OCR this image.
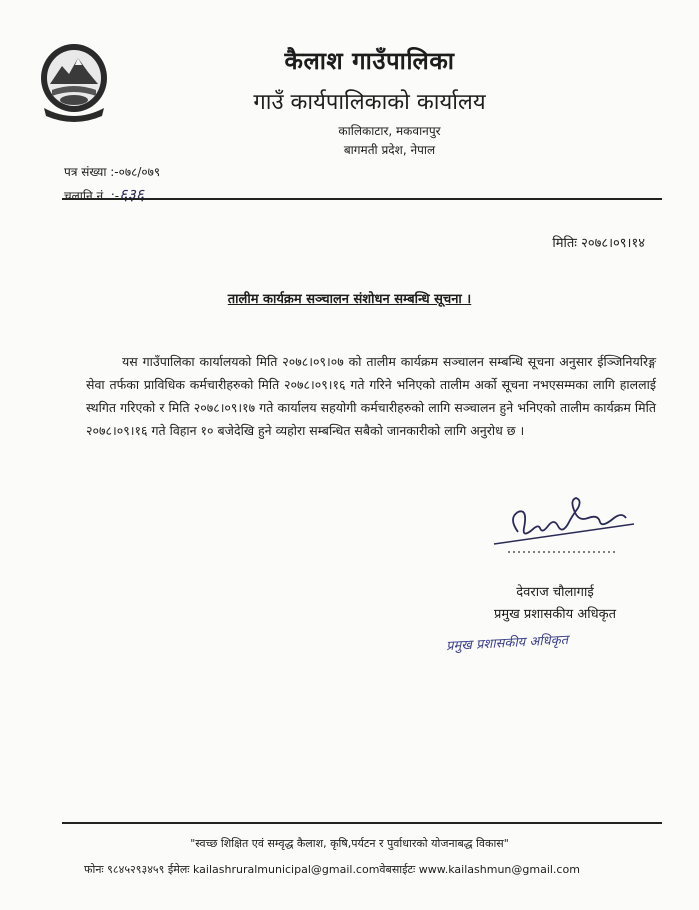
कैलाश गाउँपालिका
गाउँ कार्यपालिकाको कार्यालय
कालिकाटार, मकवानपुर
बागमती प्रदेश, नेपाल
पत्र संख्या :-०७८/०७९
चलानि नं. :-६३६
मितिः २०७८।०९।१४
तालीम कार्यक्रम सञ्चालन संशोधन सम्बन्धि सूचना ।
यस गाउँपालिका कार्यालयको मिति २०७८।०९।०७ को तालीम कार्यक्रम सञ्चालन सम्बन्धि सूचना अनुसार ईञ्जिनियरिङ्ग सेवा तर्फका प्राविधिक कर्मचारीहरुको मिति २०७८।०९।१६ गते गरिने भनिएको तालीम अर्को सूचना नभएसम्मका लागि हाललाई स्थगित गरिएको र मिति २०७८।०९।१७ गते कार्यालय सहयोगी कर्मचारीहरुको लागि सञ्चालन हुने भनिएको तालीम कार्यक्रम मिति २०७८।०९।१६ गते विहान १० बजेदेखि हुने व्यहोरा सम्बन्धित सबैको जानकारीको लागि अनुरोध छ ।
देवराज चौलागाई
प्रमुख प्रशासकीय अधिकृत
प्रमुख प्रशासकीय अधिकृत
"स्वच्छ शिक्षित एवं सम्वृद्ध कैलाश, कृषि,पर्यटन र पुर्वाधारको योजनाबद्ध विकास"
फोनः ९८४५२९३४५९ ईमेलः kailashruralmunicipal@gmail.comवेबसाईटः www.kailashmun@gmail.com
